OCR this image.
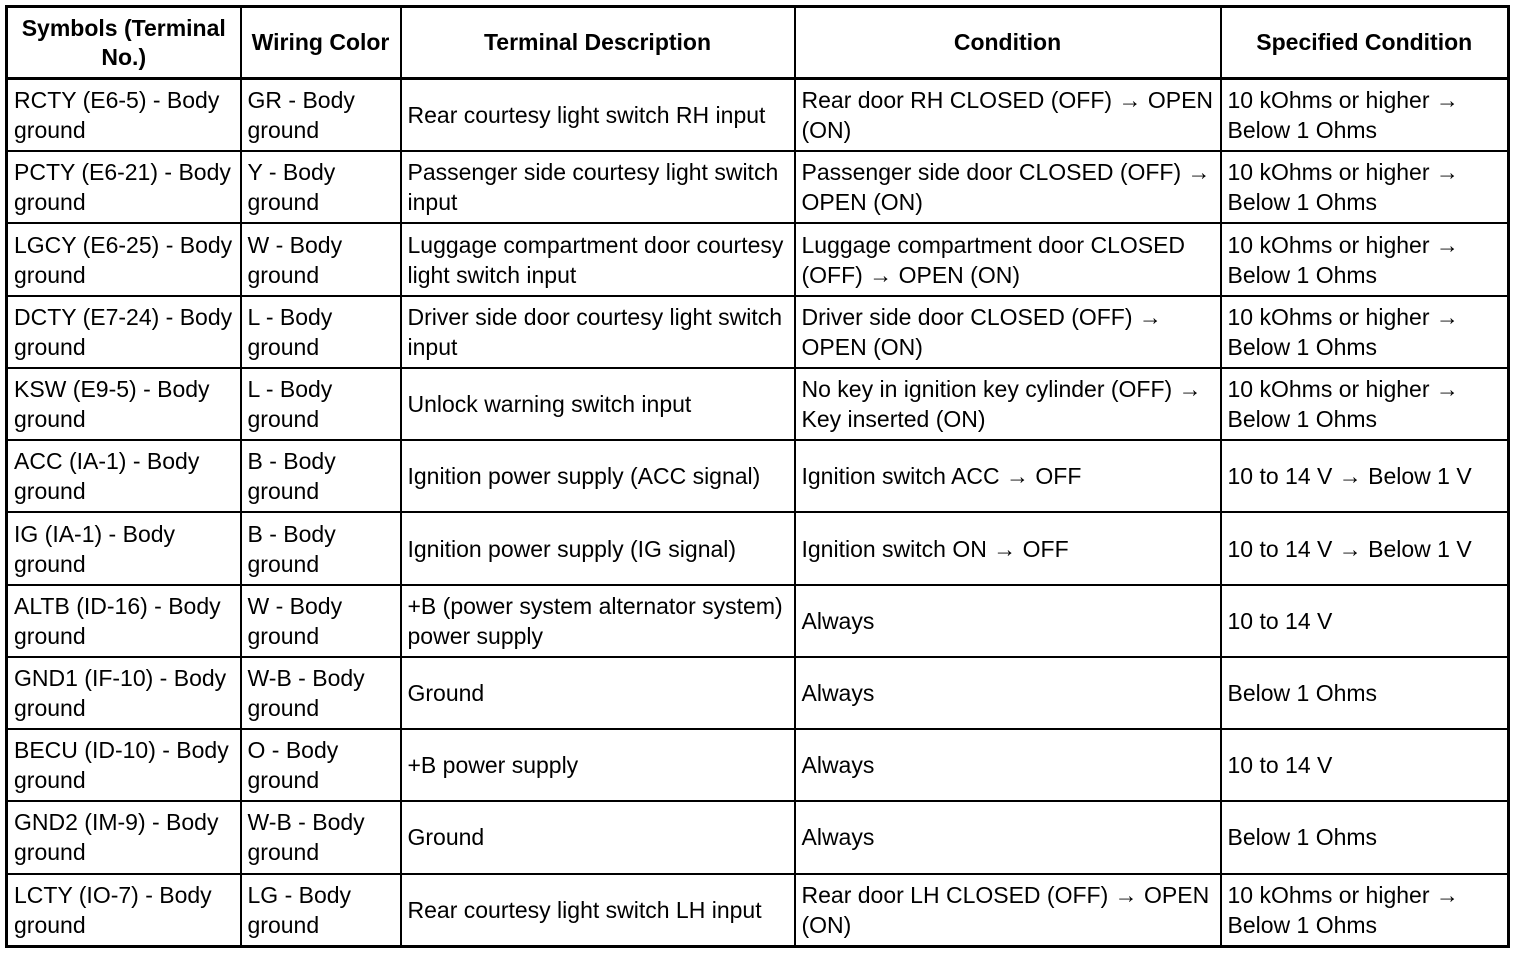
Symbols (Terminal No.)	Wiring Color	Terminal Description	Condition	Specified Condition
RCTY (E6-5) - Body ground	GR - Body ground	Rear courtesy light switch RH input	Rear door RH CLOSED (OFF) → OPEN (ON)	10 kOhms or higher → Below 1 Ohms
PCTY (E6-21) - Body ground	Y - Body ground	Passenger side courtesy light switch input	Passenger side door CLOSED (OFF) → OPEN (ON)	10 kOhms or higher → Below 1 Ohms
LGCY (E6-25) - Body ground	W - Body ground	Luggage compartment door courtesy light switch input	Luggage compartment door CLOSED (OFF) → OPEN (ON)	10 kOhms or higher → Below 1 Ohms
DCTY (E7-24) - Body ground	L - Body ground	Driver side door courtesy light switch input	Driver side door CLOSED (OFF) → OPEN (ON)	10 kOhms or higher → Below 1 Ohms
KSW (E9-5) - Body ground	L - Body ground	Unlock warning switch input	No key in ignition key cylinder (OFF) → Key inserted (ON)	10 kOhms or higher → Below 1 Ohms
ACC (IA-1) - Body ground	B - Body ground	Ignition power supply (ACC signal)	Ignition switch ACC → OFF	10 to 14 V → Below 1 V
IG (IA-1) - Body ground	B - Body ground	Ignition power supply (IG signal)	Ignition switch ON → OFF	10 to 14 V → Below 1 V
ALTB (ID-16) - Body ground	W - Body ground	+B (power system alternator system) power supply	Always	10 to 14 V
GND1 (IF-10) - Body ground	W-B - Body ground	Ground	Always	Below 1 Ohms
BECU (ID-10) - Body ground	O - Body ground	+B power supply	Always	10 to 14 V
GND2 (IM-9) - Body ground	W-B - Body ground	Ground	Always	Below 1 Ohms
LCTY (IO-7) - Body ground	LG - Body ground	Rear courtesy light switch LH input	Rear door LH CLOSED (OFF) → OPEN (ON)	10 kOhms or higher → Below 1 Ohms
